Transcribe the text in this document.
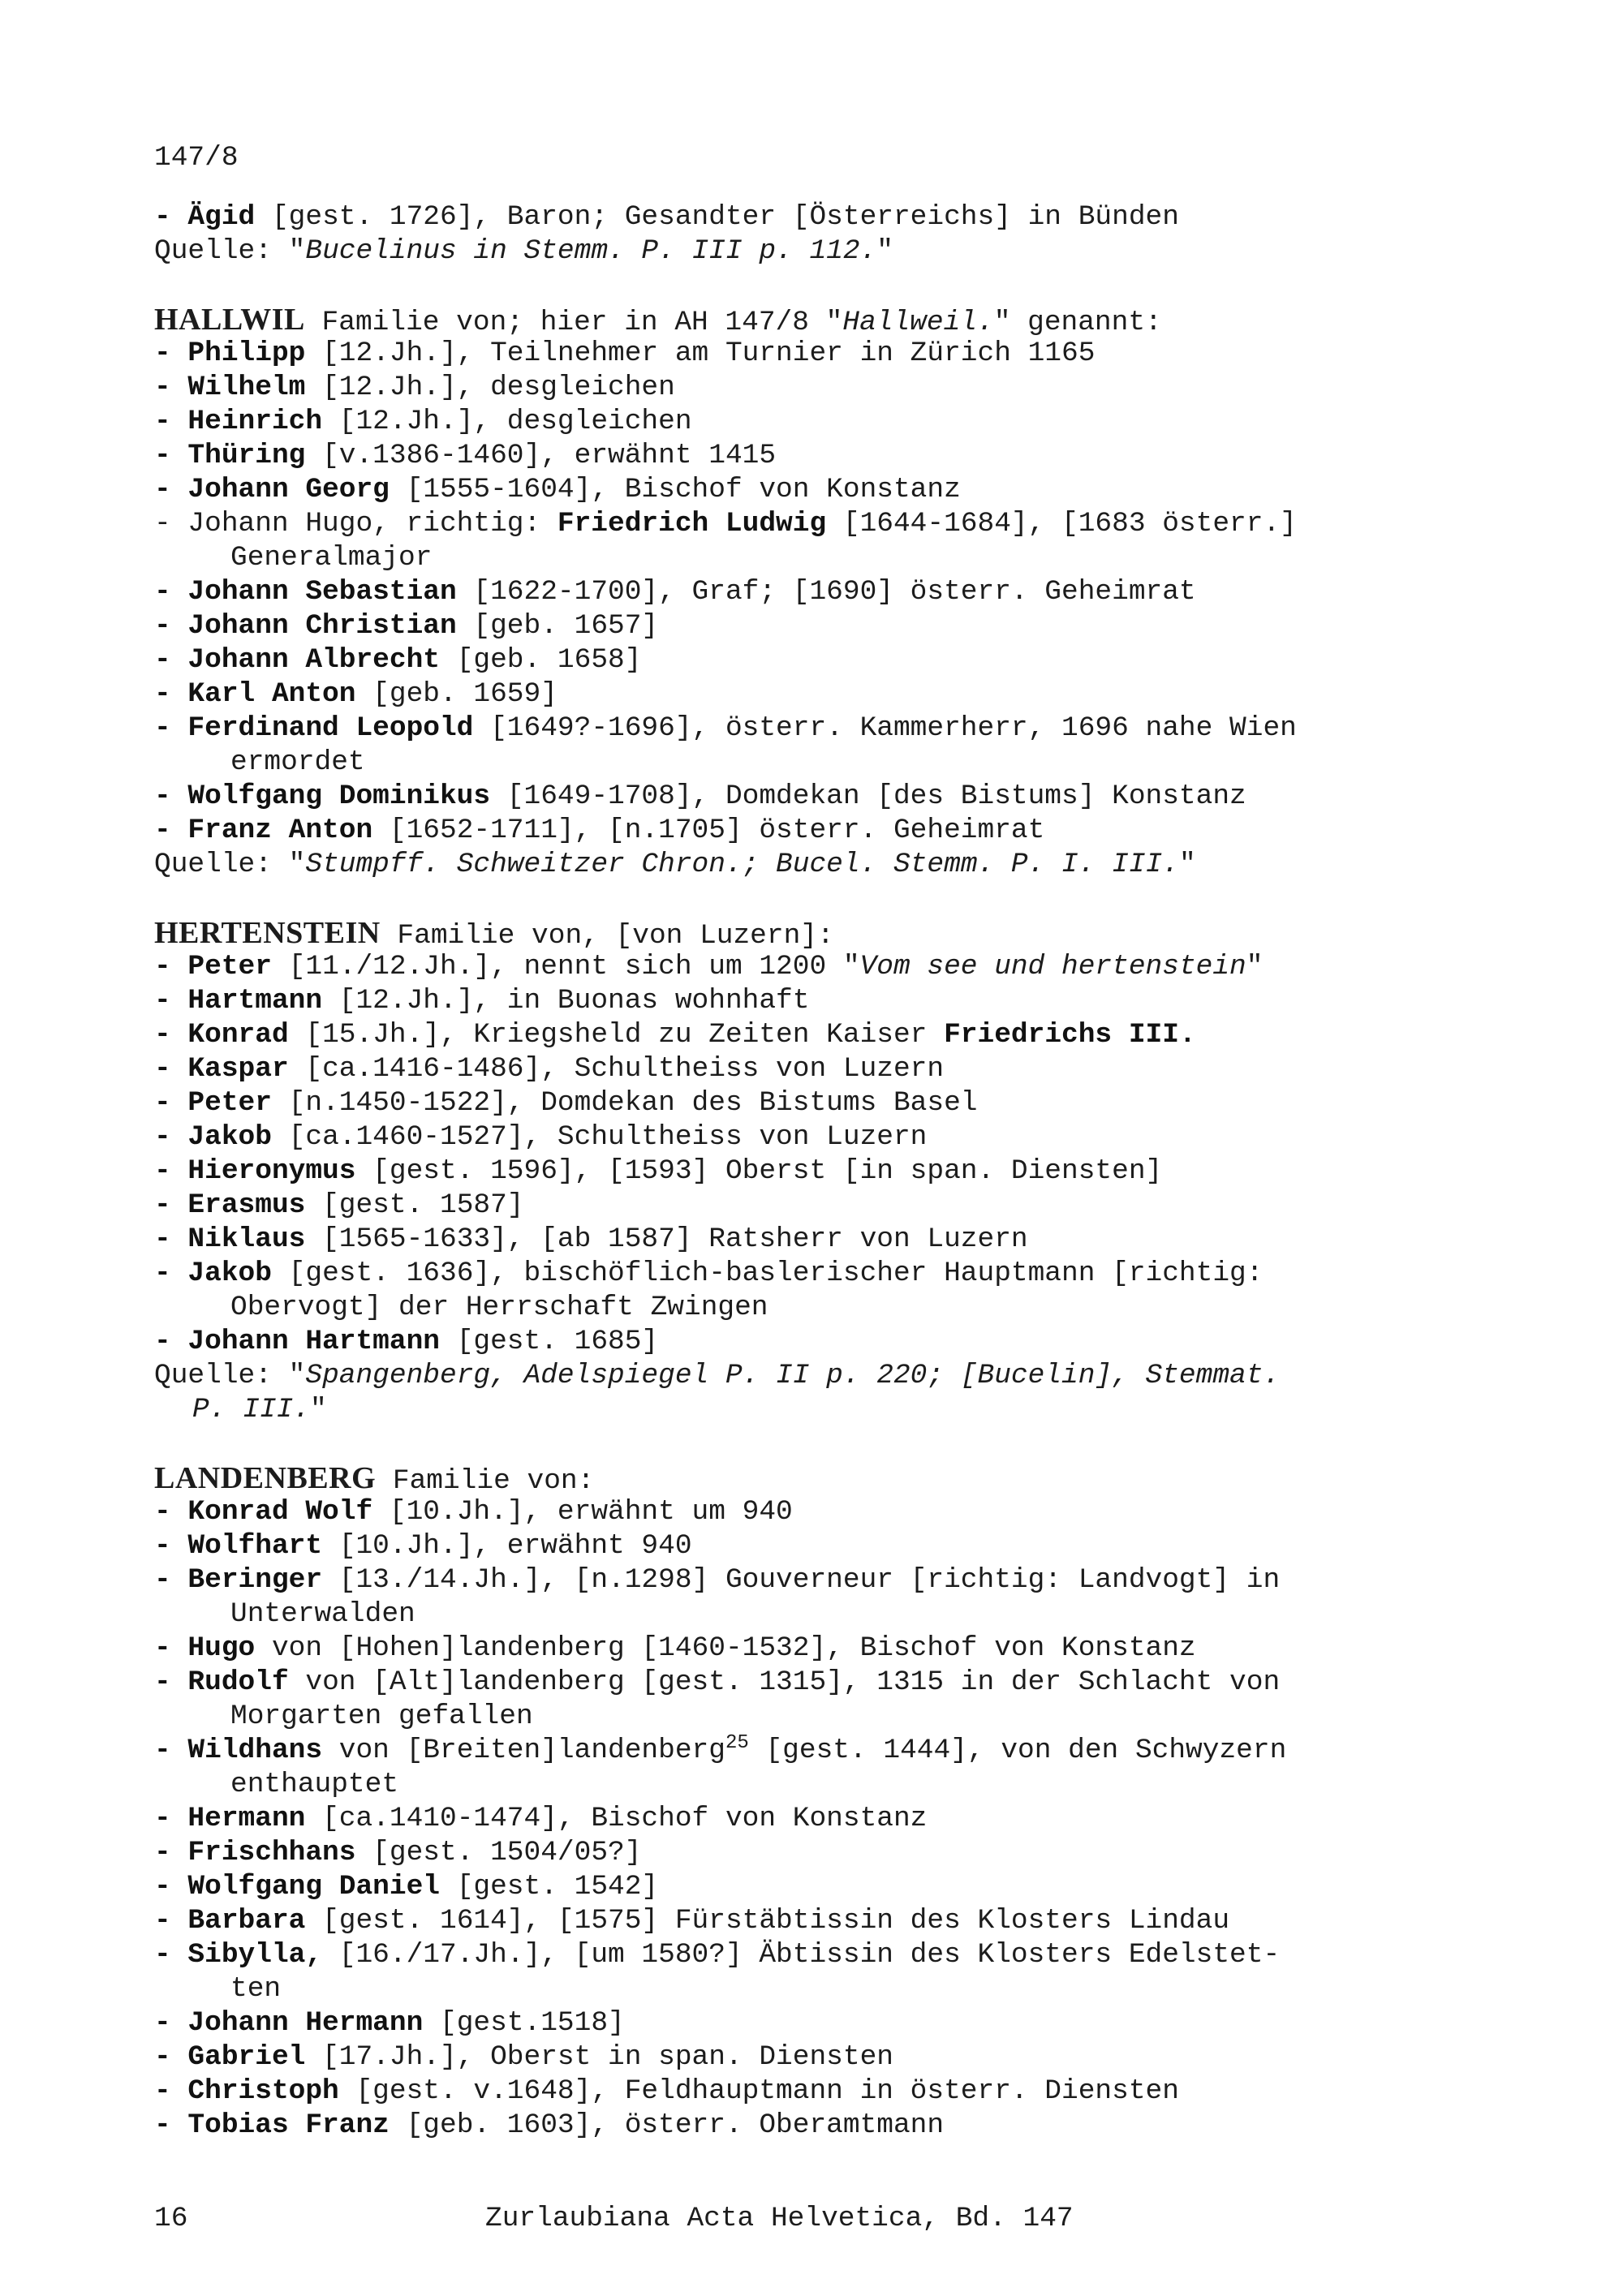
147/8
- Ägid [gest. 1726], Baron; Gesandter [Österreichs] in Bünden
Quelle: "Bucelinus in Stemm. P. III p. 112."
HALLWIL Familie von; hier in AH 147/8 "Hallweil." genannt:
- Philipp [12.Jh.], Teilnehmer am Turnier in Zürich 1165
- Wilhelm [12.Jh.], desgleichen
- Heinrich [12.Jh.], desgleichen
- Thüring [v.1386-1460], erwähnt 1415
- Johann Georg [1555-1604], Bischof von Konstanz
- Johann Hugo, richtig: Friedrich Ludwig [1644-1684], [1683 österr.]
Generalmajor
- Johann Sebastian [1622-1700], Graf; [1690] österr. Geheimrat
- Johann Christian [geb. 1657]
- Johann Albrecht [geb. 1658]
- Karl Anton [geb. 1659]
- Ferdinand Leopold [1649?-1696], österr. Kammerherr, 1696 nahe Wien
ermordet
- Wolfgang Dominikus [1649-1708], Domdekan [des Bistums] Konstanz
- Franz Anton [1652-1711], [n.1705] österr. Geheimrat
Quelle: "Stumpff. Schweitzer Chron.; Bucel. Stemm. P. I. III."
HERTENSTEIN Familie von, [von Luzern]:
- Peter [11./12.Jh.], nennt sich um 1200 "Vom see und hertenstein"
- Hartmann [12.Jh.], in Buonas wohnhaft
- Konrad [15.Jh.], Kriegsheld zu Zeiten Kaiser Friedrichs III.
- Kaspar [ca.1416-1486], Schultheiss von Luzern
- Peter [n.1450-1522], Domdekan des Bistums Basel
- Jakob [ca.1460-1527], Schultheiss von Luzern
- Hieronymus [gest. 1596], [1593] Oberst [in span. Diensten]
- Erasmus [gest. 1587]
- Niklaus [1565-1633], [ab 1587] Ratsherr von Luzern
- Jakob [gest. 1636], bischöflich-baslerischer Hauptmann [richtig:
Obervogt] der Herrschaft Zwingen
- Johann Hartmann [gest. 1685]
Quelle: "Spangenberg, Adelspiegel P. II p. 220; [Bucelin], Stemmat.
P. III."
LANDENBERG Familie von:
- Konrad Wolf [10.Jh.], erwähnt um 940
- Wolfhart [10.Jh.], erwähnt 940
- Beringer [13./14.Jh.], [n.1298] Gouverneur [richtig: Landvogt] in
Unterwalden
- Hugo von [Hohen]landenberg [1460-1532], Bischof von Konstanz
- Rudolf von [Alt]landenberg [gest. 1315], 1315 in der Schlacht von
Morgarten gefallen
- Wildhans von [Breiten]landenberg$^{25}$ [gest. 1444], von den Schwyzern
enthauptet
- Hermann [ca.1410-1474], Bischof von Konstanz
- Frischhans [gest. 1504/05?]
- Wolfgang Daniel [gest. 1542]
- Barbara [gest. 1614], [1575] Fürstäbtissin des Klosters Lindau
- Sibylla, [16./17.Jh.], [um 1580?] Äbtissin des Klosters Edelstet-
ten
- Johann Hermann [gest.1518]
- Gabriel [17.Jh.], Oberst in span. Diensten
- Christoph [gest. v.1648], Feldhauptmann in österr. Diensten
- Tobias Franz [geb. 1603], österr. Oberamtmann
16	Zurlaubiana Acta Helvetica, Bd. 147
